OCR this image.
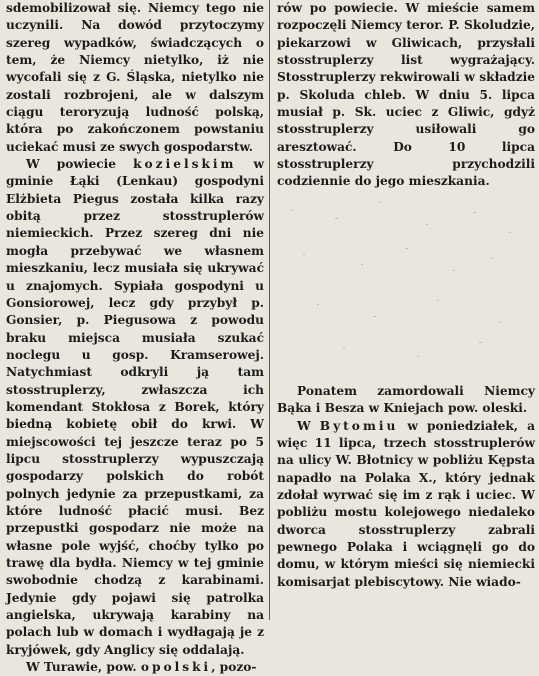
sdemobilizował się. Niemcy tego nie uczynili. Na dowód przytoczymy szereg wypadków, świadczących o tem, że Niemcy nietylko, iż nie wycofali się z G. Śląska, nietylko nie zostali rozbrojeni, ale w dalszym ciągu teroryzują ludność polską, która po zakończonem powstaniu uciekać musi ze swych gospodarstw.

W powiecie kozielskim w gminie Łąki (Lenkau) gospodyni Elżbieta Piegus została kilka razy obitą przez stosstruplerów niemieckich. Przez szereg dni nie mogła przebywać we własnem mieszkaniu, lecz musiała się ukrywać u znajomych. Sypiała gospodyni u Gonsiorowej, lecz gdy przybył p. Gonsier, p. Piegusowa z powodu braku miejsca musiała szukać noclegu u gosp. Kramserowej. Natychmiast odkryli ją tam stosstruplerzy, zwłaszcza ich komendant Stokłosa z Borek, który biedną kobietę obił do krwi. W miejscowości tej jeszcze teraz po 5 lipcu stosstruplerzy wypuszczają gospodarzy polskich do robót polnych jedynie za przepustkami, za które ludność płacić musi. Bez przepustki gospodarz nie może na własne pole wyjść, choćby tylko po trawę dla bydła. Niemcy w tej gminie swobodnie chodzą z karabinami. Jedynie gdy pojawi się patrolka angielska, ukrywają karabiny na polach lub w domach i wydłagają je z kryjówek, gdy Anglicy się oddalają.

W Turawie, pow. opolski, pozo-

rów po powiecie. W mieście samem rozpoczęli Niemcy teror. P. Skoludzie, piekarzowi w Gliwicach, przysłali stosstruplerzy list wygrażający. Stosstruplerzy rekwirowali w składzie p. Skoluda chleb. W dniu 5. lipca musiał p. Sk. uciec z Gliwic, gdyż stosstruplerzy usiłowali go aresztować. Do 10 lipca stosstruplerzy przychodzili codziennie do jego mieszkania.

Ponatem zamordowali Niemcy Bąka i Besza w Kniejach pow. oleski.

W Bytomiu w poniedziałek, a więc 11 lipca, trzech stosstruplerów na ulicy W. Błotnicy w pobliżu Kępsta napadło na Polaka X., który jednak zdołał wyrwać się im z rąk i uciec. W pobliżu mostu kolejowego niedaleko dworca stosstruplerzy zabrali pewnego Polaka i wciągnęli go do domu, w którym mieści się niemiecki komisarjat plebiscytowy. Nie wiado-
